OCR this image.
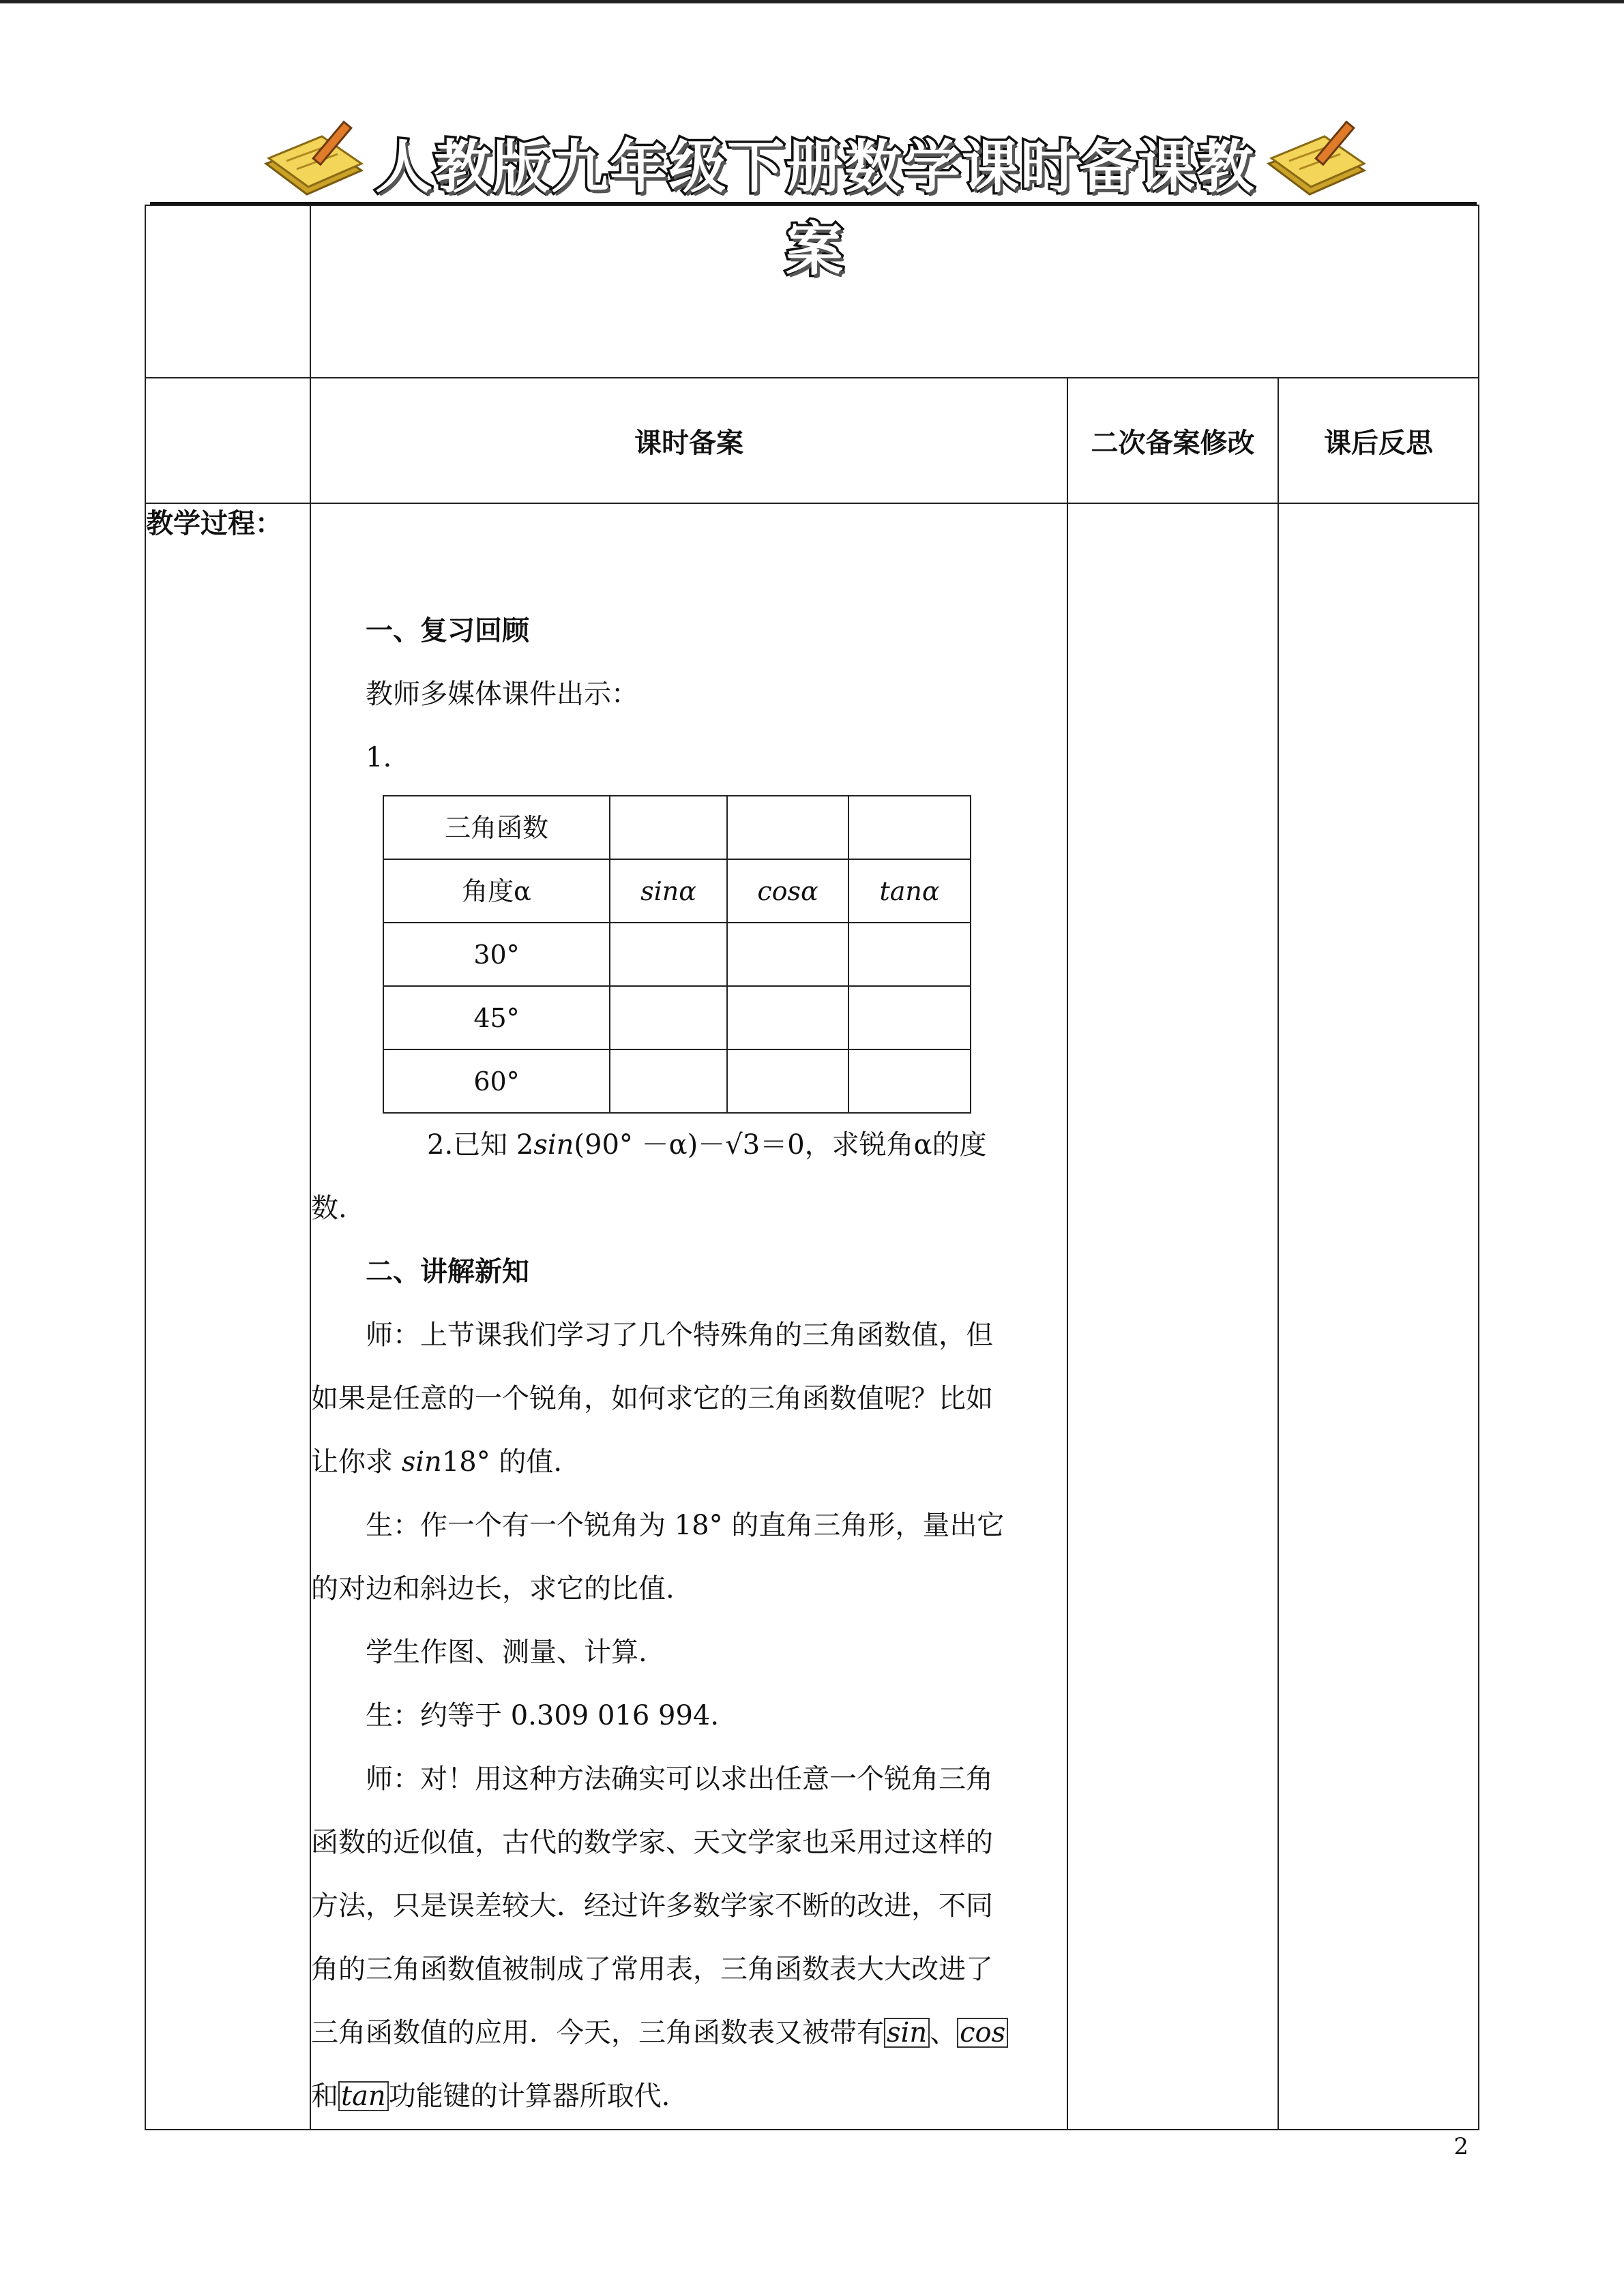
人教版九年级下册数学课时备课教案

	课时备案	二次备案修改	课后反思
教学过程：	

一、复习回顾

教师多媒体课件出示：

1.

三角函数			
角度α	sinα	cosα	tanα
30°			
45°			
60°			

2.已知 2sin(90° －α)－√3＝0，求锐角α的度

数.

二、讲解新知

师：上节课我们学习了几个特殊角的三角函数值，但

如果是任意的一个锐角，如何求它的三角函数值呢？比如

让你求 sin18° 的值.

生：作一个有一个锐角为 18° 的直角三角形，量出它

的对边和斜边长，求它的比值.

学生作图、测量、计算.

生：约等于 0.309 016 994.

师：对！用这种方法确实可以求出任意一个锐角三角

函数的近似值，古代的数学家、天文学家也采用过这样的

方法，只是误差较大．经过许多数学家不断的改进，不同

角的三角函数值被制成了常用表，三角函数表大大改进了

三角函数值的应用．今天，三角函数表又被带有 sin 、 cos

和 tan 功能键的计算器所取代.

2
